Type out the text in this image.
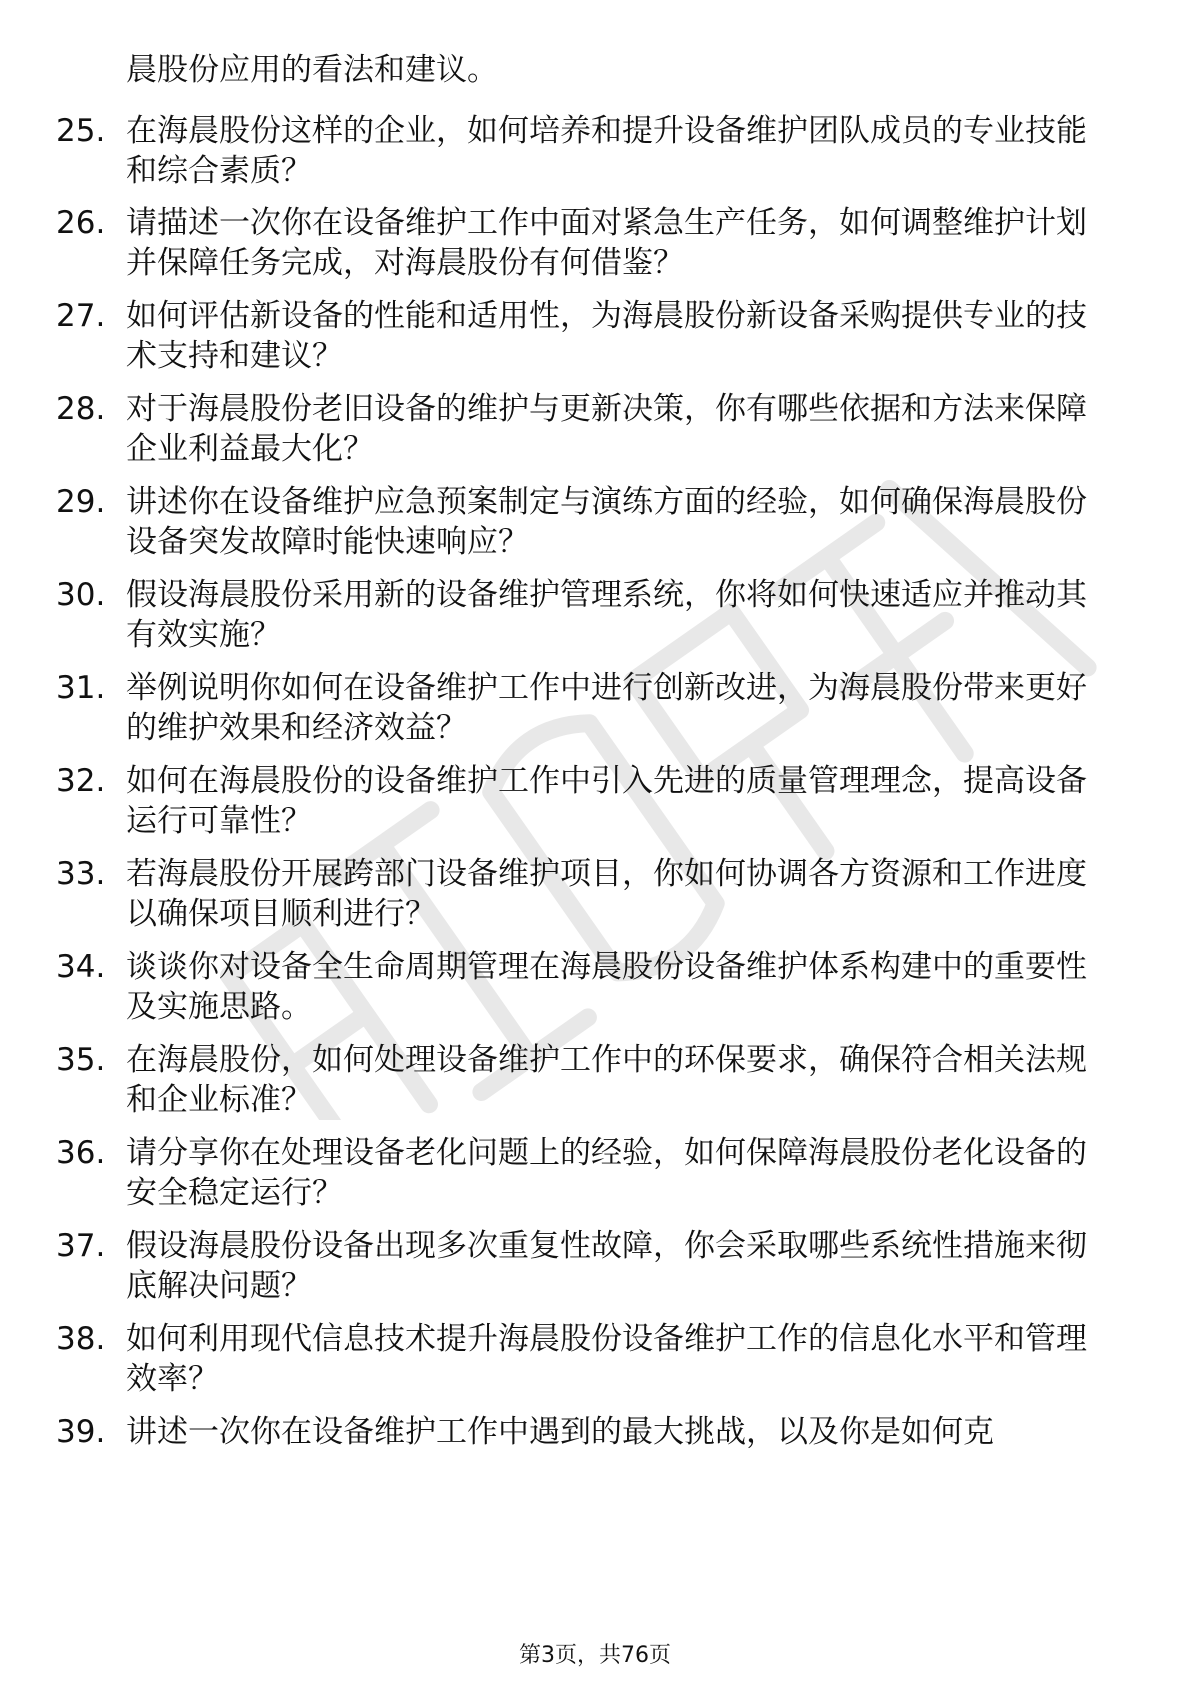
晨股份应用的看法和建议。
25. 在海晨股份这样的企业，如何培养和提升设备维护团队成员的专业技能和综合素质？
26. 请描述一次你在设备维护工作中面对紧急生产任务，如何调整维护计划并保障任务完成，对海晨股份有何借鉴？
27. 如何评估新设备的性能和适用性，为海晨股份新设备采购提供专业的技术支持和建议？
28. 对于海晨股份老旧设备的维护与更新决策，你有哪些依据和方法来保障企业利益最大化？
29. 讲述你在设备维护应急预案制定与演练方面的经验，如何确保海晨股份设备突发故障时能快速响应？
30. 假设海晨股份采用新的设备维护管理系统，你将如何快速适应并推动其有效实施？
31. 举例说明你如何在设备维护工作中进行创新改进，为海晨股份带来更好的维护效果和经济效益？
32. 如何在海晨股份的设备维护工作中引入先进的质量管理理念，提高设备运行可靠性？
33. 若海晨股份开展跨部门设备维护项目，你如何协调各方资源和工作进度以确保项目顺利进行？
34. 谈谈你对设备全生命周期管理在海晨股份设备维护体系构建中的重要性及实施思路。
35. 在海晨股份，如何处理设备维护工作中的环保要求，确保符合相关法规和企业标准？
36. 请分享你在处理设备老化问题上的经验，如何保障海晨股份老化设备的安全稳定运行？
37. 假设海晨股份设备出现多次重复性故障，你会采取哪些系统性措施来彻底解决问题？
38. 如何利用现代信息技术提升海晨股份设备维护工作的信息化水平和管理效率？
39. 讲述一次你在设备维护工作中遇到的最大挑战，以及你是如何克
第3页，共76页
